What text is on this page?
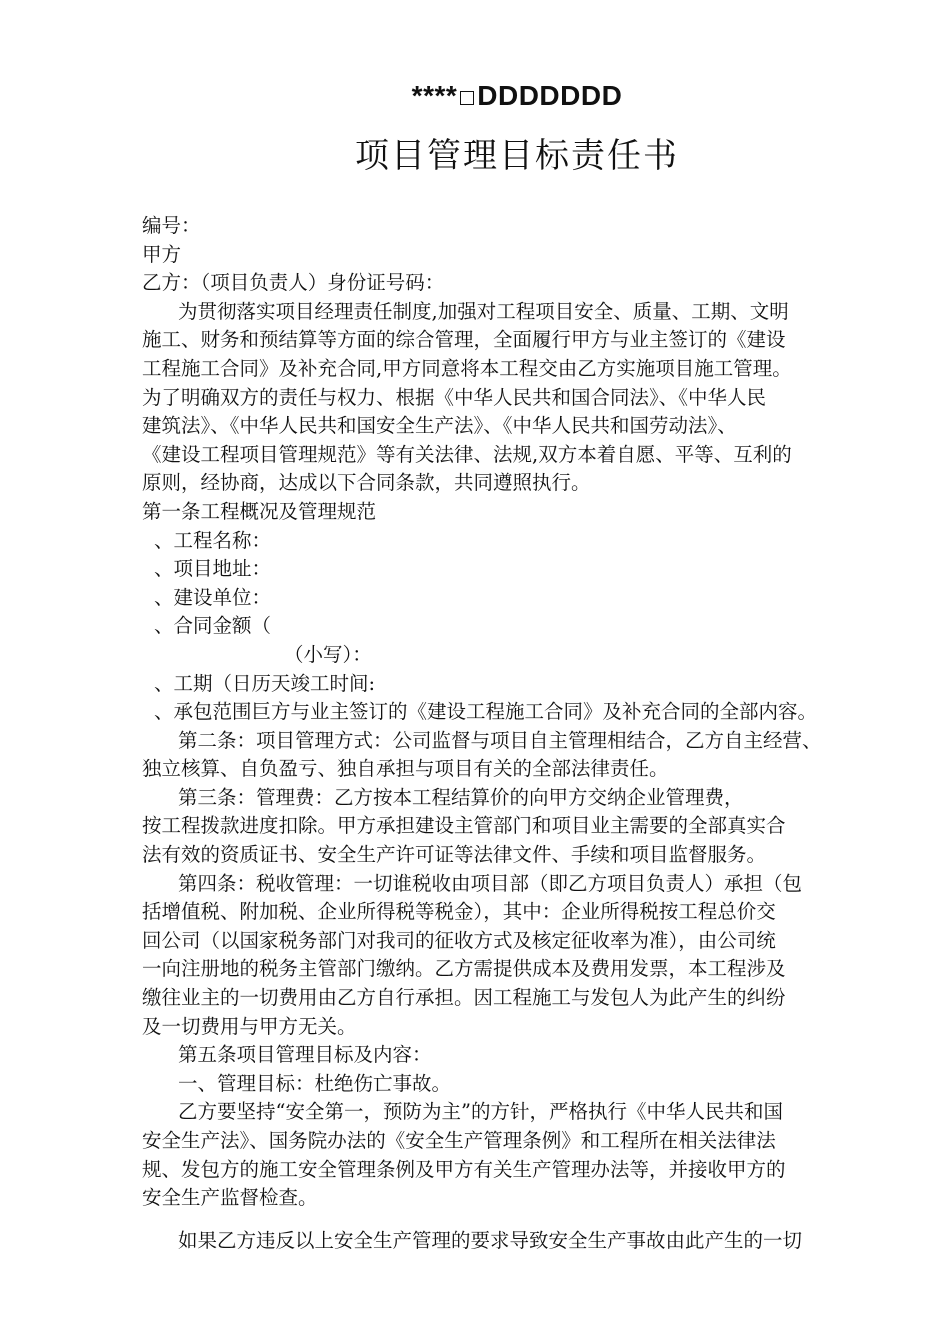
**** DDDDDDD
项目管理目标责任书
编号：
甲方
乙方：（项目负责人）身份证号码：
为贯彻落实项目经理责任制度,加强对工程项目安全、质量、工期、文明
施工、财务和预结算等方面的综合管理，全面履行甲方与业主签订的《建设
工程施工合同》及补充合同,甲方同意将本工程交由乙方实施项目施工管理。
为了明确双方的责任与权力、根据《中华人民共和国合同法》、《中华人民
建筑法》、《中华人民共和国安全生产法》、《中华人民共和国劳动法》、
《建设工程项目管理规范》等有关法律、法规,双方本着自愿、平等、互利的
原则，经协商，达成以下合同条款，共同遵照执行。
第一条工程概况及管理规范
、工程名称：
、项目地址：
、建设单位：
、合同金额（
（小写）：
、工期（日历天竣工时间:
、承包范围巨方与业主签订的《建设工程施工合同》及补充合同的全部内容。
第二条：项目管理方式：公司监督与项目自主管理相结合，乙方自主经营、
独立核算、自负盈亏、独自承担与项目有关的全部法律责任。
第三条：管理费：乙方按本工程结算价的向甲方交纳企业管理费，
按工程拨款进度扣除。甲方承担建设主管部门和项目业主需要的全部真实合
法有效的资质证书、安全生产许可证等法律文件、手续和项目监督服务。
第四条：税收管理：一切谁税收由项目部（即乙方项目负责人）承担（包
括增值税、附加税、企业所得税等税金），其中：企业所得税按工程总价交
回公司（以国家税务部门对我司的征收方式及核定征收率为准），由公司统
一向注册地的税务主管部门缴纳。乙方需提供成本及费用发票，本工程涉及
缴往业主的一切费用由乙方自行承担。因工程施工与发包人为此产生的纠纷
及一切费用与甲方无关。
第五条项目管理目标及内容：
一、管理目标：杜绝伤亡事故。
乙方要坚持“安全第一，预防为主”的方针，严格执行《中华人民共和国
安全生产法》、国务院办法的《安全生产管理条例》和工程所在相关法律法
规、发包方的施工安全管理条例及甲方有关生产管理办法等，并接收甲方的
安全生产监督检查。
如果乙方违反以上安全生产管理的要求导致安全生产事故由此产生的一切
